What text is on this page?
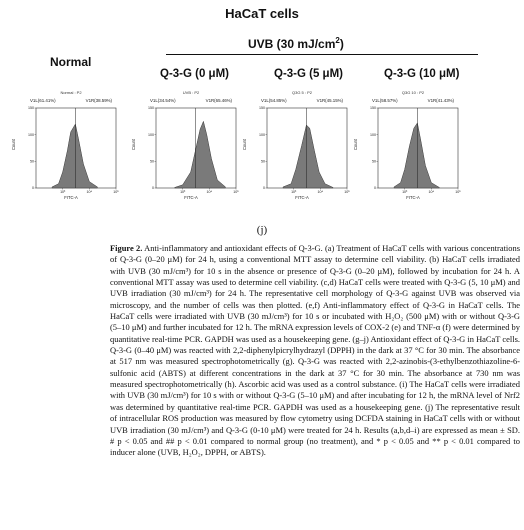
HaCaT cells
Normal
UVB (30 $mJ/cm^2$)
Q-3-G (0 μM)	Q-3-G (5 μM)	Q-3-G (10 μM)
Normal : P2
10³	10⁴	10⁵
0
50
100
150
V1L(61.41%)	V1R(38.59%)
Count
FITC-A
UVB : P2
10³	10⁴	10⁵
0
50
100
150
V1L(34.54%)	V1R(65.46%)
Count
FITC-A
Q3G 5 : P2
10³	10⁴	10⁵
0
50
100
150
V1L(54.85%)	V1R(45.15%)
Count
FITC-A
Q3G 10 : P2
10³	10⁴	10⁵
0
50
100
150
V1L(58.57%)	V1R(41.43%)
Count
FITC-A
(j)
Figure 2. Anti-inflammatory and antioxidant effects of Q-3-G. (a) Treatment of HaCaT cells with various concentrations of Q-3-G (0–20 μM) for 24 h, using a conventional MTT assay to determine cell viability. (b) HaCaT cells irradiated with UVB (30 mJ/cm³) for 10 s in the absence or presence of Q-3-G (0–20 μM), followed by incubation for 24 h. A conventional MTT assay was used to determine cell viability. (c,d) HaCaT cells were treated with Q-3-G (5, 10 μM) and UVB irradiation (30 mJ/cm³) for 24 h. The representative cell morphology of Q-3-G against UVB was observed via microscopy, and the number of cells was then plotted. (e,f) Anti-inflammatory effect of Q-3-G in HaCaT cells. The HaCaT cells were irradiated with UVB (30 mJ/cm³) for 10 s or incubated with H₂O₂ (500 μM) with or without Q-3-G (5–10 μM) and further incubated for 12 h. The mRNA expression levels of COX-2 (e) and TNF-α (f) were determined by quantitative real-time PCR. GAPDH was used as a housekeeping gene. (g–j) Antioxidant effect of Q-3-G in HaCaT cells. Q-3-G (0–40 μM) was reacted with 2,2-diphenylpicrylhydrazyl (DPPH) in the dark at 37 °C for 30 min. The absorbance at 517 nm was measured spectrophotometrically (g). Q-3-G was reacted with 2,2-azinobis-(3-ethylbenzothiazoline-6-sulfonic acid (ABTS) at different concentrations in the dark at 37 °C for 30 min. The absorbance at 730 nm was measured spectrophotometrically (h). Ascorbic acid was used as a control substance. (i) The HaCaT cells were irradiated with UVB (30 mJ/cm³) for 10 s with or without Q-3-G (5–10 μM) and after incubating for 12 h, the mRNA level of Nrf2 was determined by quantitative real-time PCR. GAPDH was used as a housekeeping gene. (j) The representative result of intracellular ROS production was measured by flow cytometry using DCFDA staining in HaCaT cells with or without UVB irradiation (30 mJ/cm³) and Q-3-G (0-10 μM) were treated for 24 h. Results (a,b,d–i) are expressed as mean ± SD. # p < 0.05 and ## p < 0.01 compared to normal group (no treatment), and * p < 0.05 and ** p < 0.01 compared to inducer alone (UVB, H₂O₂, DPPH, or ABTS).
